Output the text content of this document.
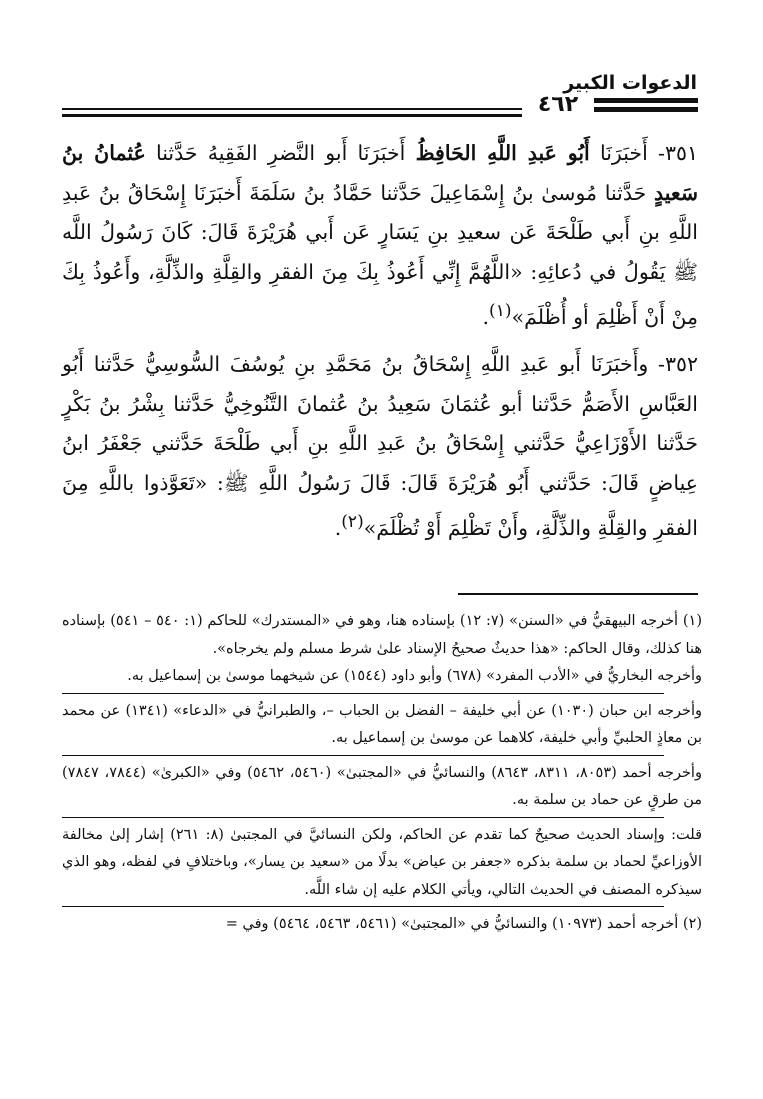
الدعوات الكبير
٤٦٢

٣٥١- أَخبَرَنَا أَبُو عَبدِ اللَّهِ الحَافِظُ أَخبَرَنَا أَبو النَّضرِ الفَقِيهُ حَدَّثنا عُثمانُ بنُ سَعيدٍ حَدَّثنا مُوسىٰ بنُ إِسْمَاعِيلَ حَدَّثنا حَمَّادُ بنُ سَلَمَةَ أَخبَرَنَا إِسْحَاقُ بنُ عَبدِ اللَّهِ بنِ أَبي طَلْحَةَ عَن سعيدِ بنِ يَسَارٍ عَن أَبي هُرَيْرَةَ قَالَ: كَانَ رَسُولُ اللَّه ﷺ يَقُولُ في دُعائِهِ: «اللَّهُمَّ إِنِّي أَعُوذُ بِكَ مِنَ الفقرِ والقِلَّةِ والذِّلَّةِ، وأَعُوذُ بِكَ مِنْ أَنْ أَظْلِمَ أو أُظْلَمَ»$^{(١)}$.

٣٥٢- وأَخبَرَنَا أَبو عَبدِ اللَّهِ إِسْحَاقُ بنُ مَحَمَّدِ بنِ يُوسُفَ السُّوسِيُّ حَدَّثنا أَبُو العَبَّاسِ الأَصَمُّ حَدَّثنا أبو عُثمَانَ سَعِيدُ بنُ عُثمانَ التَّنُوخِيُّ حَدَّثنا بِشْرُ بنُ بَكْرٍ حَدَّثنا الأَوْزَاعِيُّ حَدَّثني إِسْحَاقُ بنُ عَبدِ اللَّهِ بنِ أَبي طَلْحَةَ حَدَّثني جَعْفَرُ ابنُ عِياضٍ قَالَ: حَدَّثني أَبُو هُرَيْرَةَ قَالَ: قَالَ رَسُولُ اللَّهِ ﷺ: «تَعَوَّذوا باللَّهِ مِنَ الفقرِ والقِلَّةِ والذِّلَّةِ، وأَنْ تَظْلِمَ أَوْ تُظْلَمَ»$^{(٢)}$.

(١) أخرجه البيهقيُّ في «السنن» (٧: ١٢) بإسناده هنا، وهو في «المستدرك» للحاكم (١: ٥٤٠ – ٥٤١) بإسناده هنا كذلك، وقال الحاكم: «هذا حديثٌ صحيحُ الإسناد علىٰ شرط مسلم ولم يخرجاه».

وأخرجه البخاريُّ في «الأدب المفرد» (٦٧٨) وأبو داود (١٥٤٤) عن شيخهما موسىٰ بن إسماعيل به.

وأخرجه ابن حبان (١٠٣٠) عن أبي خليفة – الفضل بن الحباب –، والطبرانيُّ في «الدعاء» (١٣٤١) عن محمد بن معاذٍ الحلبيِّ وأبي خليفة، كلاهما عن موسىٰ بن إسماعيل به.

وأخرجه أحمد (٨٠٥٣، ٨٣١١، ٨٦٤٣) والنسائيُّ في «المجتبىٰ» (٥٤٦٠، ٥٤٦٢) وفي «الكبرىٰ» (٧٨٤٤، ٧٨٤٧) من طرقٍ عن حماد بن سلمة به.

قلت: وإسناد الحديث صحيحٌ كما تقدم عن الحاكم، ولكن النسائيَّ في المجتبىٰ (٨: ٢٦١) إشار إلىٰ مخالفة الأوزاعيِّ لحماد بن سلمة بذكره «جعفر بن عياض» بدلًا من «سعيد بن يسار»، وباختلافٍ في لفظه، وهو الذي سيذكره المصنف في الحديث التالي، ويأتي الكلام عليه إن شاء اللَّه.

(٢) أخرجه أحمد (١٠٩٧٣) والنسائيُّ في «المجتبىٰ» (٥٤٦١، ٥٤٦٣، ٥٤٦٤) وفي =
